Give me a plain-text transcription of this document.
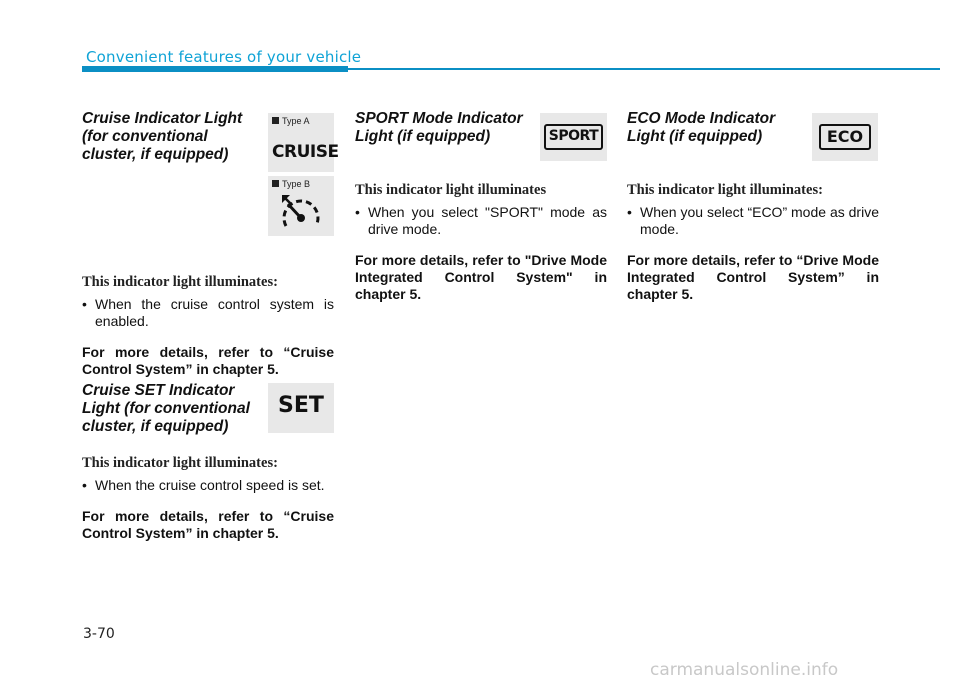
Convenient features of your vehicle
Cruise Indicator Light
(for conventional
cluster, if equipped)
Type A
CRUISE
Type B

This indicator light illuminates:

• When the cruise control system is enabled.

For more details, refer to “Cruise Control System” in chapter 5.

Cruise SET Indicator
Light (for conventional
cluster, if equipped)
SET

This indicator light illuminates:

• When the cruise control speed is set.

For more details, refer to “Cruise Control System” in chapter 5.

SPORT Mode Indicator
Light (if equipped)	SPORT

This indicator light illuminates

• When you select "SPORT" mode as drive mode.

For more details, refer to "Drive Mode Integrated Control System" in chapter 5.

ECO Mode Indicator
Light (if equipped)	ECO

This indicator light illuminates:

• When you select “ECO” mode as drive mode.

For more details, refer to “Drive Mode Integrated Control System” in chapter 5.

3-70
carmanualsonline.info
